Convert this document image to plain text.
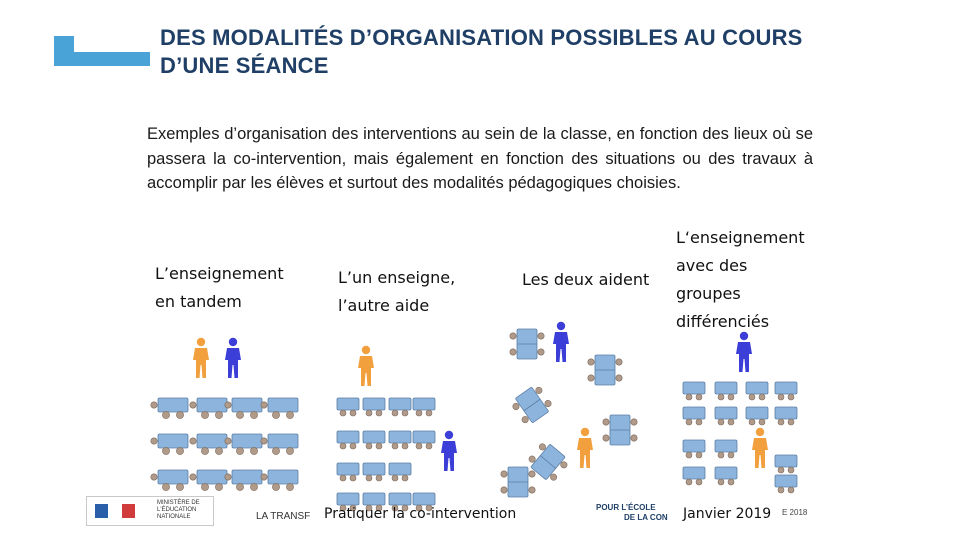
DES MODALITÉS D’ORGANISATION POSSIBLES AU COURS
D’UNE SÉANCE
Exemples d’organisation des interventions au sein de la classe, en fonction des lieux où se passera la co-intervention, mais également en fonction des situations ou des travaux à accomplir par les élèves et surtout des modalités pédagogiques choisies.
L’enseignement
en tandem
L’un enseigne,
l’autre aide
Les deux aident
L‘enseignement
avec des
groupes
différenciés
MINISTÈRE DE L'ÉDUCATION NATIONALE	LA TRANSF Pratiquer la co-intervention	POUR L’ÉCOLE
DE LA CON	Janvier 2019 E 2018
